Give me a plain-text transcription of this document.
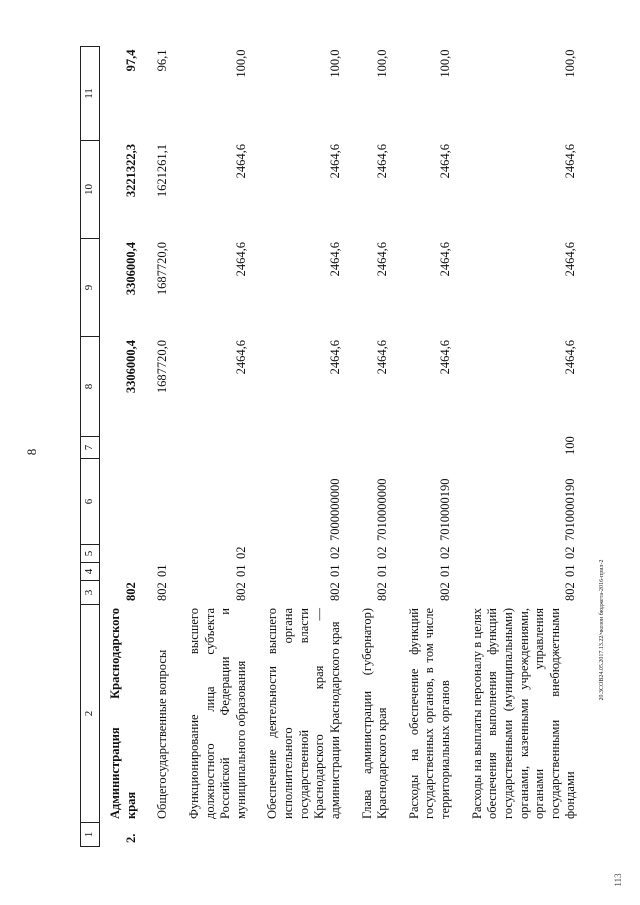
8
20.3СОВ24.05.2017.13.22/чкозон бюджета-2016-прил-2
113
1	2	3	4	5	6	7	8	9	10	11
2.	Администрация Краснодарского края	802					3306000,4	3306000,4	3221322,3	97,4
	Общегосударственные вопросы	802	01				1687720,0	1687720,0	1621261,1	96,1
	Функционирование высшего должностного лица субъекта Российской Федерации и муниципального образования	802	01	02			2464,6	2464,6	2464,6	100,0
	Обеспечение деятельности высшего исполнительного органа государственной власти Краснодарского края — администрации Краснодарского края	802	01	02	7000000000		2464,6	2464,6	2464,6	100,0
	Глава администрации (губернатор) Краснодарского края	802	01	02	7010000000		2464,6	2464,6	2464,6	100,0
	Расходы на обеспечение функций государственных органов, в том числе территориальных органов	802	01	02	7010000190		2464,6	2464,6	2464,6	100,0
	Расходы на выплаты персоналу в целях обеспечения выполнения функций государственными (муниципальными) органами, казенными учреждениями, органами управления государственными внебюджетными фондами	802	01	02	7010000190	100	2464,6	2464,6	2464,6	100,0
